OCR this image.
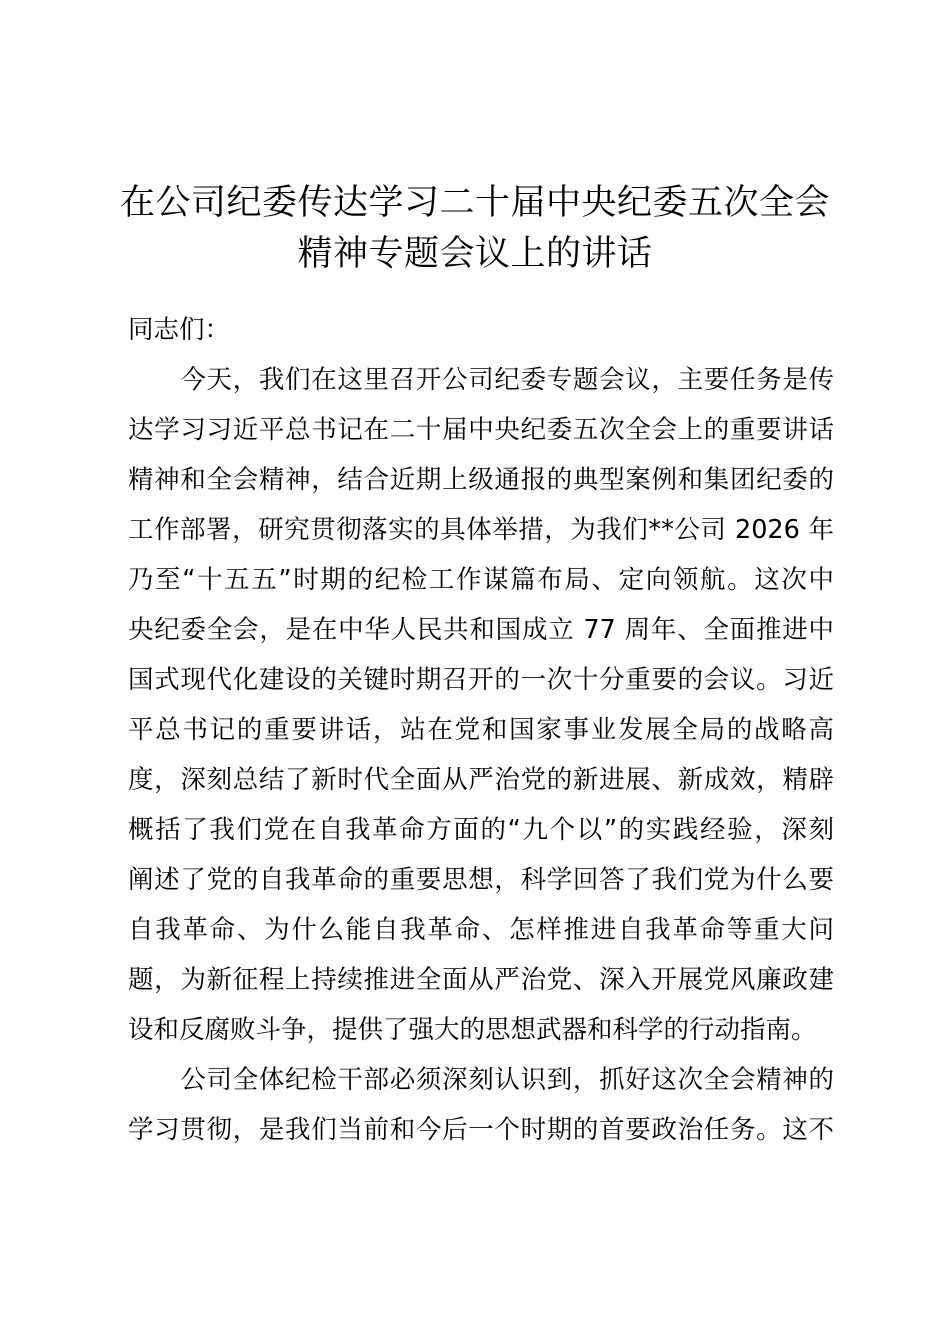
在公司纪委传达学习二十届中央纪委五次全会
精神专题会议上的讲话

同志们：

　　今天，我们在这里召开公司纪委专题会议，主要任务是传
达学习习近平总书记在二十届中央纪委五次全会上的重要讲话
精神和全会精神，结合近期上级通报的典型案例和集团纪委的
工作部署，研究贯彻落实的具体举措，为我们**公司 2026 年
乃至“十五五”时期的纪检工作谋篇布局、定向领航。这次中
央纪委全会，是在中华人民共和国成立 77 周年、全面推进中
国式现代化建设的关键时期召开的一次十分重要的会议。习近
平总书记的重要讲话，站在党和国家事业发展全局的战略高
度，深刻总结了新时代全面从严治党的新进展、新成效，精辟
概括了我们党在自我革命方面的“九个以”的实践经验，深刻
阐述了党的自我革命的重要思想，科学回答了我们党为什么要
自我革命、为什么能自我革命、怎样推进自我革命等重大问
题，为新征程上持续推进全面从严治党、深入开展党风廉政建
设和反腐败斗争，提供了强大的思想武器和科学的行动指南。

　　公司全体纪检干部必须深刻认识到，抓好这次全会精神的
学习贯彻，是我们当前和今后一个时期的首要政治任务。这不
